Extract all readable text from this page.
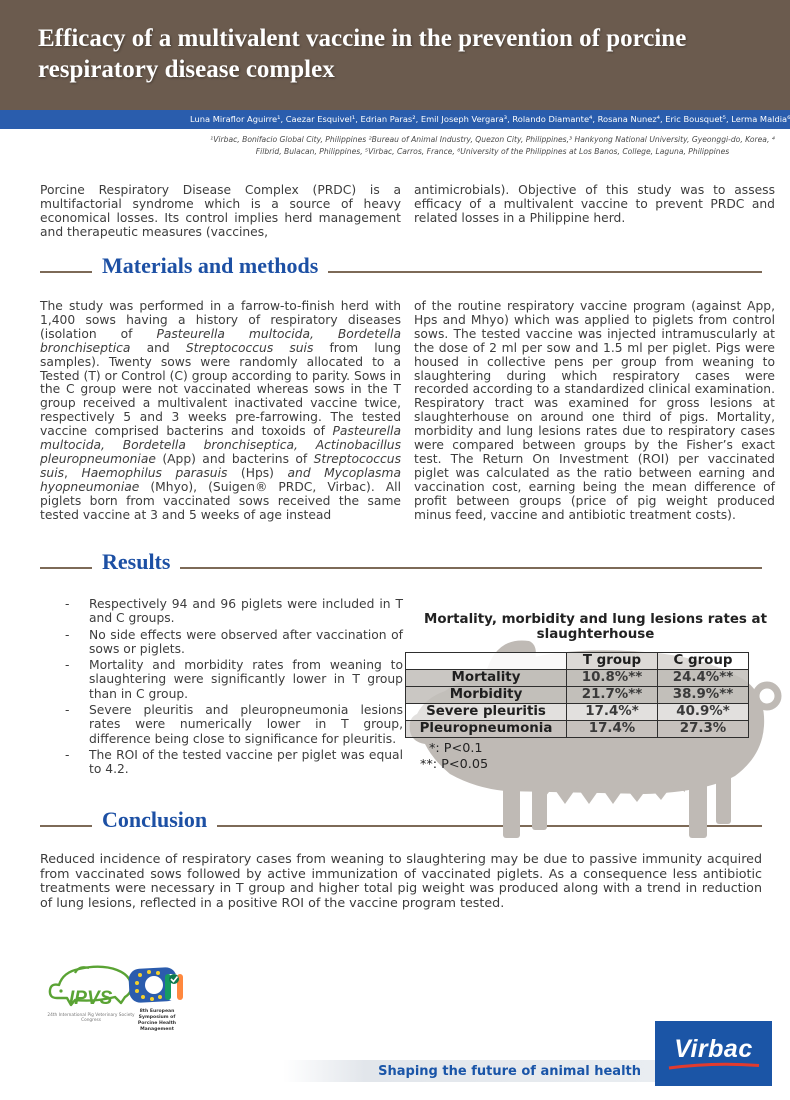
Efficacy of a multivalent vaccine in the prevention of porcine respiratory disease complex
Luna Miraflor Aguirre¹, Caezar Esquivel¹, Edrian Paras², Emil Joseph Vergara³, Rolando Diamante⁴, Rosana Nunez⁴, Eric Bousquet⁵, Lerma Maldia⁶
¹Virbac, Bonifacio Global City, Philippines ²Bureau of Animal Industry, Quezon City, Philippines,³ Hankyong National University, Gyeonggi-do, Korea, ⁴ Filbrid, Bulacan, Philippines, ⁵Virbac, Carros, France, ⁶University of the Philippines at Los Banos, College, Laguna, Philippines
Porcine Respiratory Disease Complex (PRDC) is a multifactorial syndrome which is a source of heavy economical losses. Its control implies herd management and therapeutic measures (vaccines,
antimicrobials). Objective of this study was to assess efficacy of a multivalent vaccine to prevent PRDC and related losses in a Philippine herd.
Materials and methods
The study was performed in a farrow-to-finish herd with 1,400 sows having a history of respiratory diseases (isolation of Pasteurella multocida, Bordetella bronchiseptica and Streptococcus suis from lung samples). Twenty sows were randomly allocated to a Tested (T) or Control (C) group according to parity. Sows in the C group were not vaccinated whereas sows in the T group received a multivalent inactivated vaccine twice, respectively 5 and 3 weeks pre-farrowing. The tested vaccine comprised bacterins and toxoids of Pasteurella multocida, Bordetella bronchiseptica, Actinobacillus pleuropneumoniae (App) and bacterins of Streptococcus suis, Haemophilus parasuis (Hps) and Mycoplasma hyopneumoniae (Mhyo), (Suigen® PRDC, Virbac). All piglets born from vaccinated sows received the same tested vaccine at 3 and 5 weeks of age instead
of the routine respiratory vaccine program (against App, Hps and Mhyo) which was applied to piglets from control sows. The tested vaccine was injected intramuscularly at the dose of 2 ml per sow and 1.5 ml per piglet. Pigs were housed in collective pens per group from weaning to slaughtering during which respiratory cases were recorded according to a standardized clinical examination. Respiratory tract was examined for gross lesions at slaughterhouse on around one third of pigs. Mortality, morbidity and lung lesions rates due to respiratory cases were compared between groups by the Fisher’s exact test. The Return On Investment (ROI) per vaccinated piglet was calculated as the ratio between earning and vaccination cost, earning being the mean difference of profit between groups (price of pig weight produced minus feed, vaccine and antibiotic treatment costs).
Results
- Respectively 94 and 96 piglets were included in T and C groups.
- No side effects were observed after vaccination of sows or piglets.
- Mortality and morbidity rates from weaning to slaughtering were significantly lower in T group than in C group.
- Severe pleuritis and pleuropneumonia lesions rates were numerically lower in T group, difference being close to significance for pleuritis.
- The ROI of the tested vaccine per piglet was equal to 4.2.
Mortality, morbidity and lung lesions rates at slaughterhouse
	T group	C group
Mortality	10.8%**	24.4%**
Morbidity	21.7%**	38.9%**
Severe pleuritis	17.4%*	40.9%*
Pleuropneumonia	17.4%	27.3%
*: P<0.1
**: P<0.05
Conclusion
Reduced incidence of respiratory cases from weaning to slaughtering may be due to passive immunity acquired from vaccinated sows followed by active immunization of vaccinated piglets. As a consequence less antibiotic treatments were necessary in T group and higher total pig weight was produced along with a trend in reduction of lung lesions, reflected in a positive ROI of the vaccine program tested.
IPVS
24th International Pig Veterinary Society Congress
8th European Symposium of
Porcine Health Management
Shaping the future of animal health
Virbac
